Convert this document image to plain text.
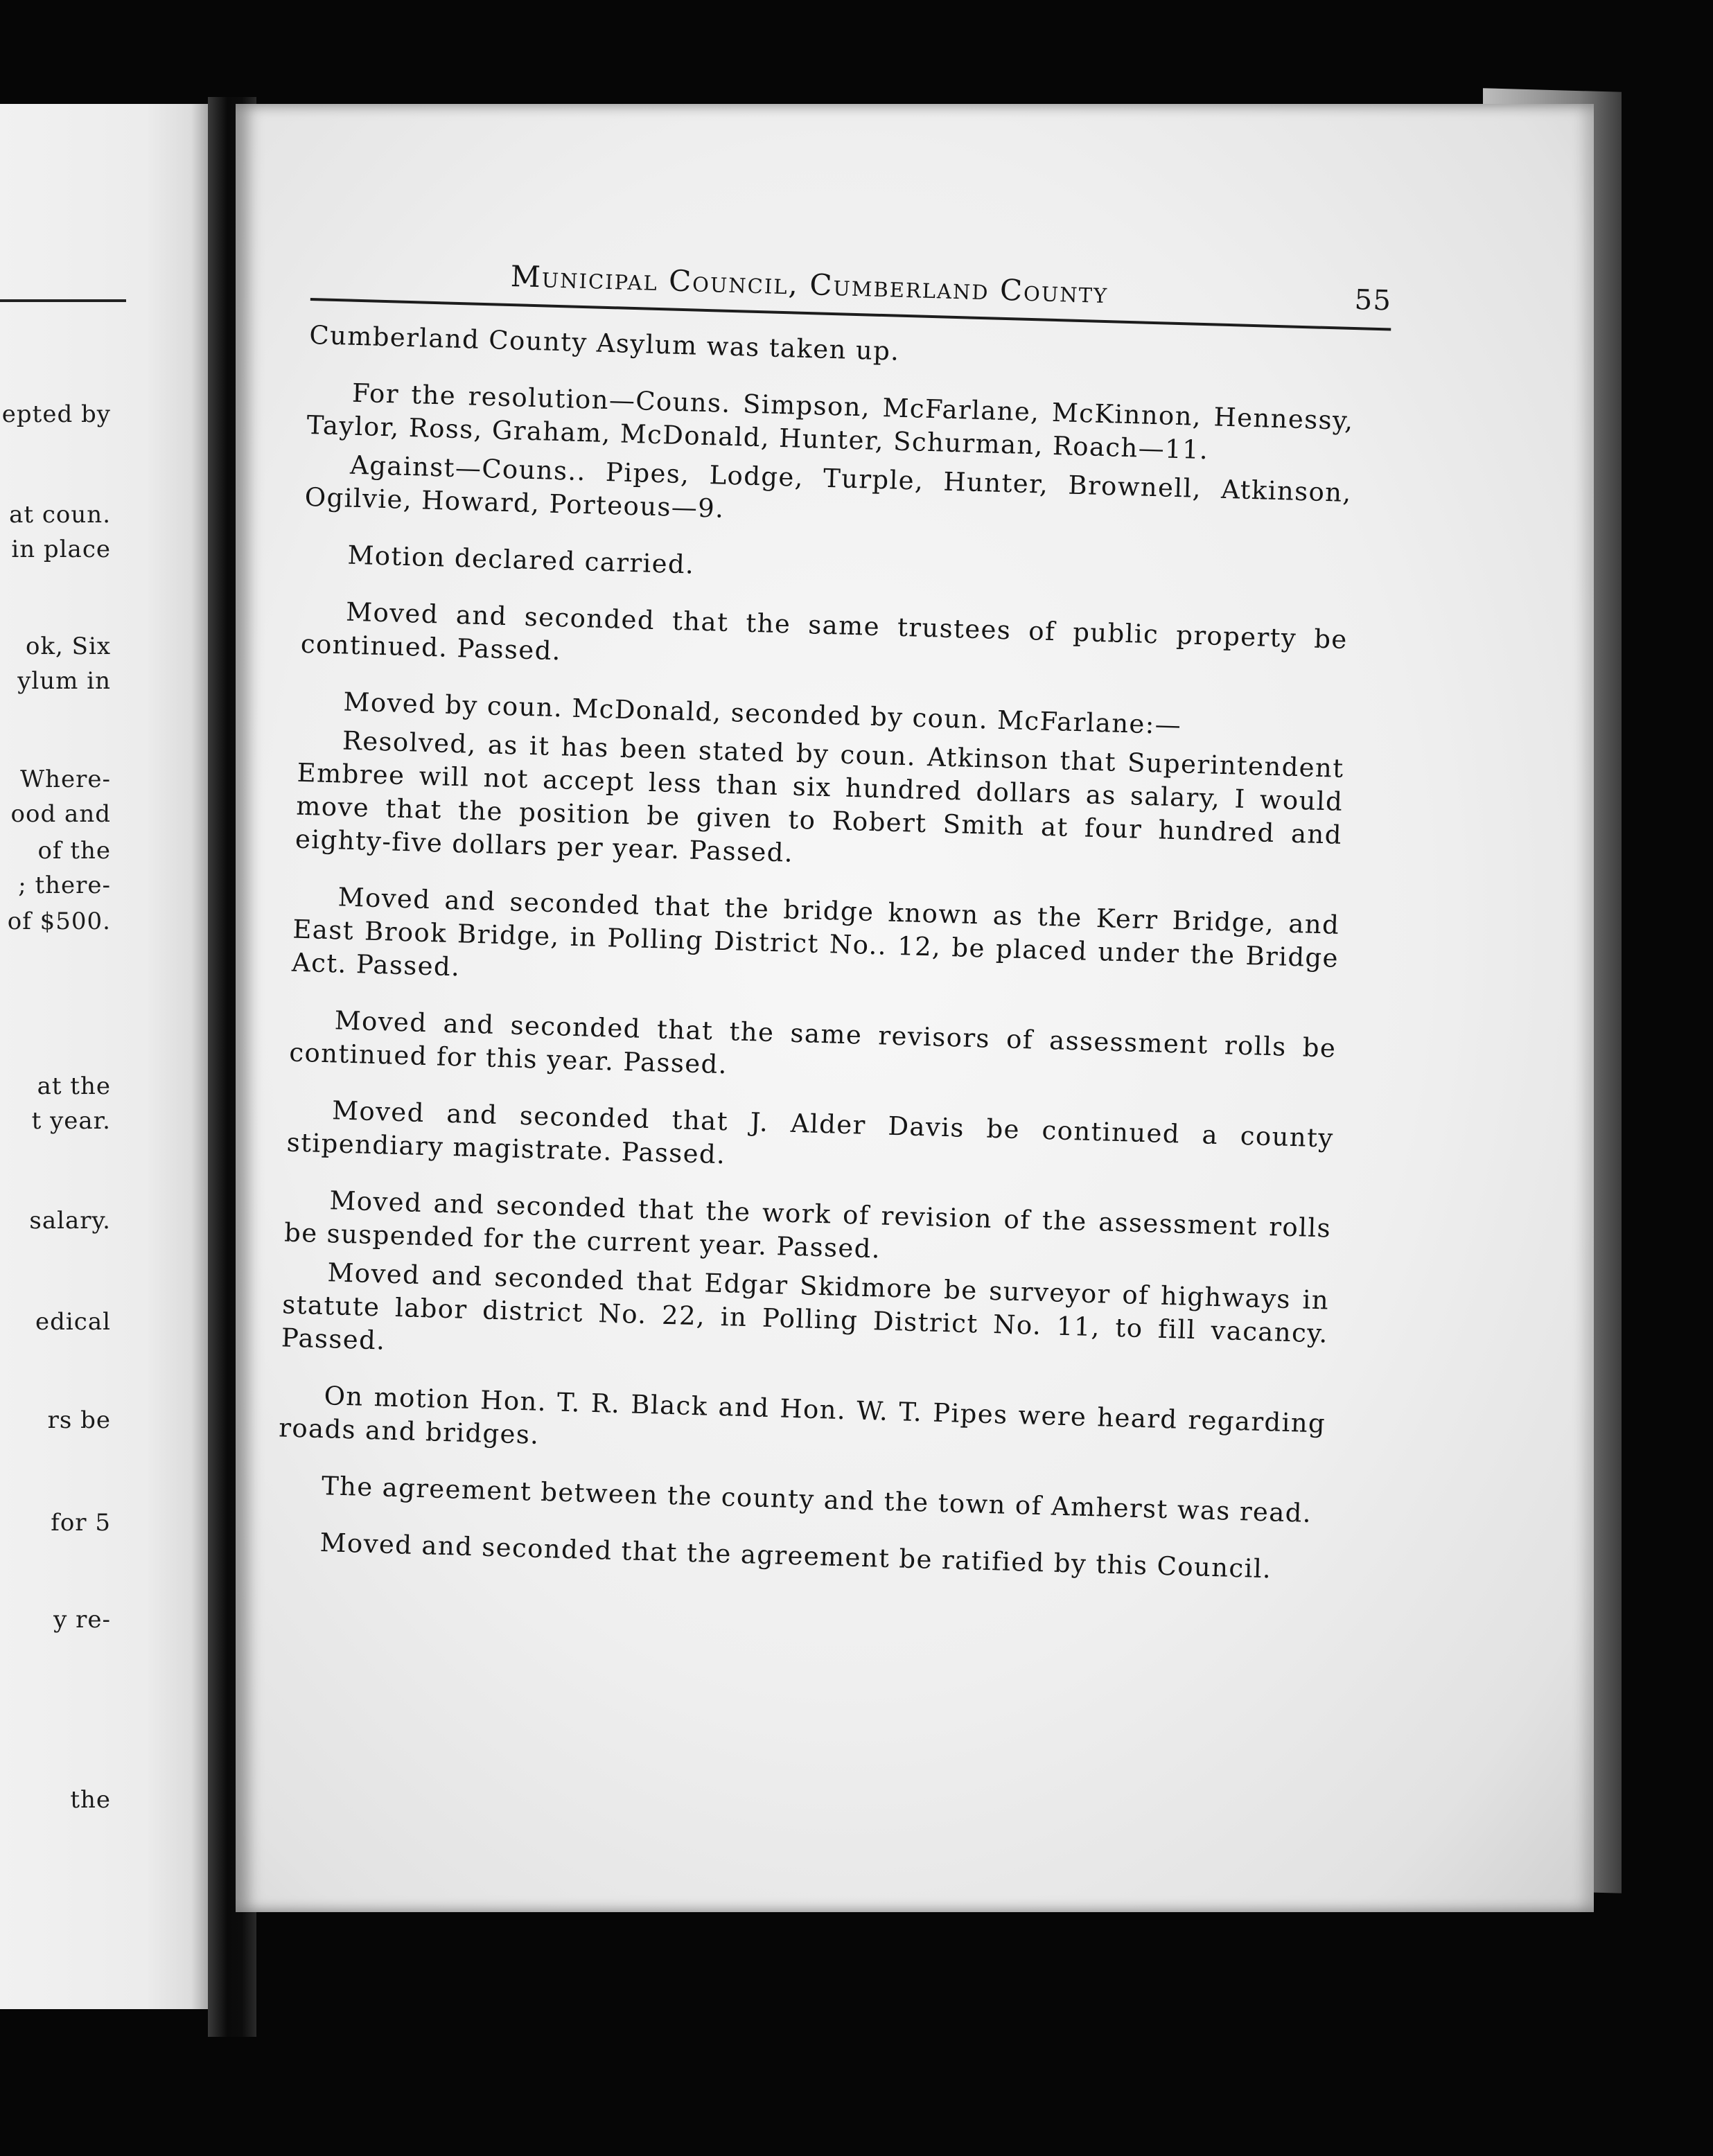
epted by
at coun.
in place
ok, Six
ylum in
Where-
ood and
of the
; there-
of $500.
at the
t year.
salary.
edical
rs be
for 5
y re-
the
Municipal Council, Cumberland County	55

Cumberland County Asylum was taken up.

For the resolution—Couns. Simpson, McFarlane, McKinnon, Hennessy, Taylor, Ross, Graham, McDonald, Hunter, Schurman, Roach—11.

Against—Couns.. Pipes, Lodge, Turple, Hunter, Brownell, Atkinson, Ogilvie, Howard, Porteous—9.

Motion declared carried.

Moved and seconded that the same trustees of public property be continued. Passed.

Moved by coun. McDonald, seconded by coun. McFarlane:—

Resolved, as it has been stated by coun. Atkinson that Superintendent Embree will not accept less than six hundred dollars as salary, I would move that the position be given to Robert Smith at four hundred and eighty-five dollars per year. Passed.

Moved and seconded that the bridge known as the Kerr Bridge, and East Brook Bridge, in Polling District No.. 12, be placed under the Bridge Act. Passed.

Moved and seconded that the same revisors of assessment rolls be continued for this year. Passed.

Moved and seconded that J. Alder Davis be continued a county stipendiary magistrate. Passed.

Moved and seconded that the work of revision of the assessment rolls be suspended for the current year. Passed.

Moved and seconded that Edgar Skidmore be surveyor of highways in statute labor district No. 22, in Polling District No. 11, to fill vacancy. Passed.

On motion Hon. T. R. Black and Hon. W. T. Pipes were heard regarding roads and bridges.

The agreement between the county and the town of Amherst was read.

Moved and seconded that the agreement be ratified by this Council.
